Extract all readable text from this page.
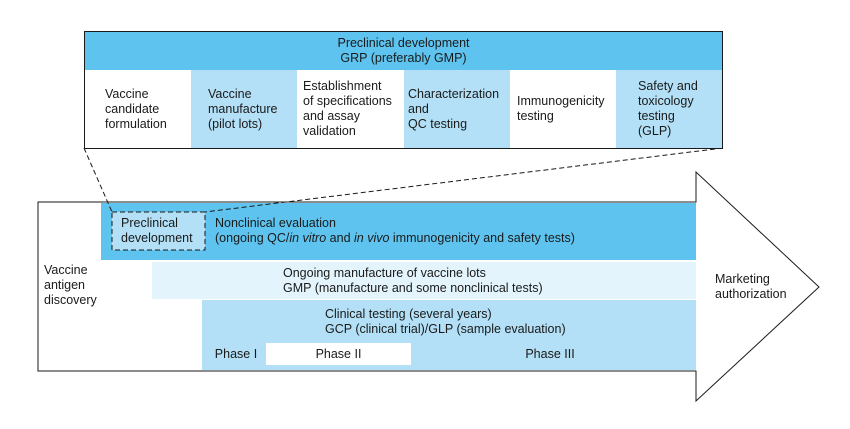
Preclinical development
GRP (preferably GMP)
Vaccine
candidate
formulation
Vaccine
manufacture
(pilot lots)
Establishment
of specifications
and assay
validation
Characterization
and
QC testing
Immunogenicity
testing
Safety and
toxicology
testing
(GLP)
Vaccine
antigen
discovery
Preclinical
development
Nonclinical evaluation
(ongoing QC/in vitro and in vivo immunogenicity and safety tests)
Ongoing manufacture of vaccine lots
GMP (manufacture and some nonclinical tests)
Clinical testing (several years)
GCP (clinical trial)/GLP (sample evaluation)
Phase I	Phase II	Phase III
Marketing
authorization
